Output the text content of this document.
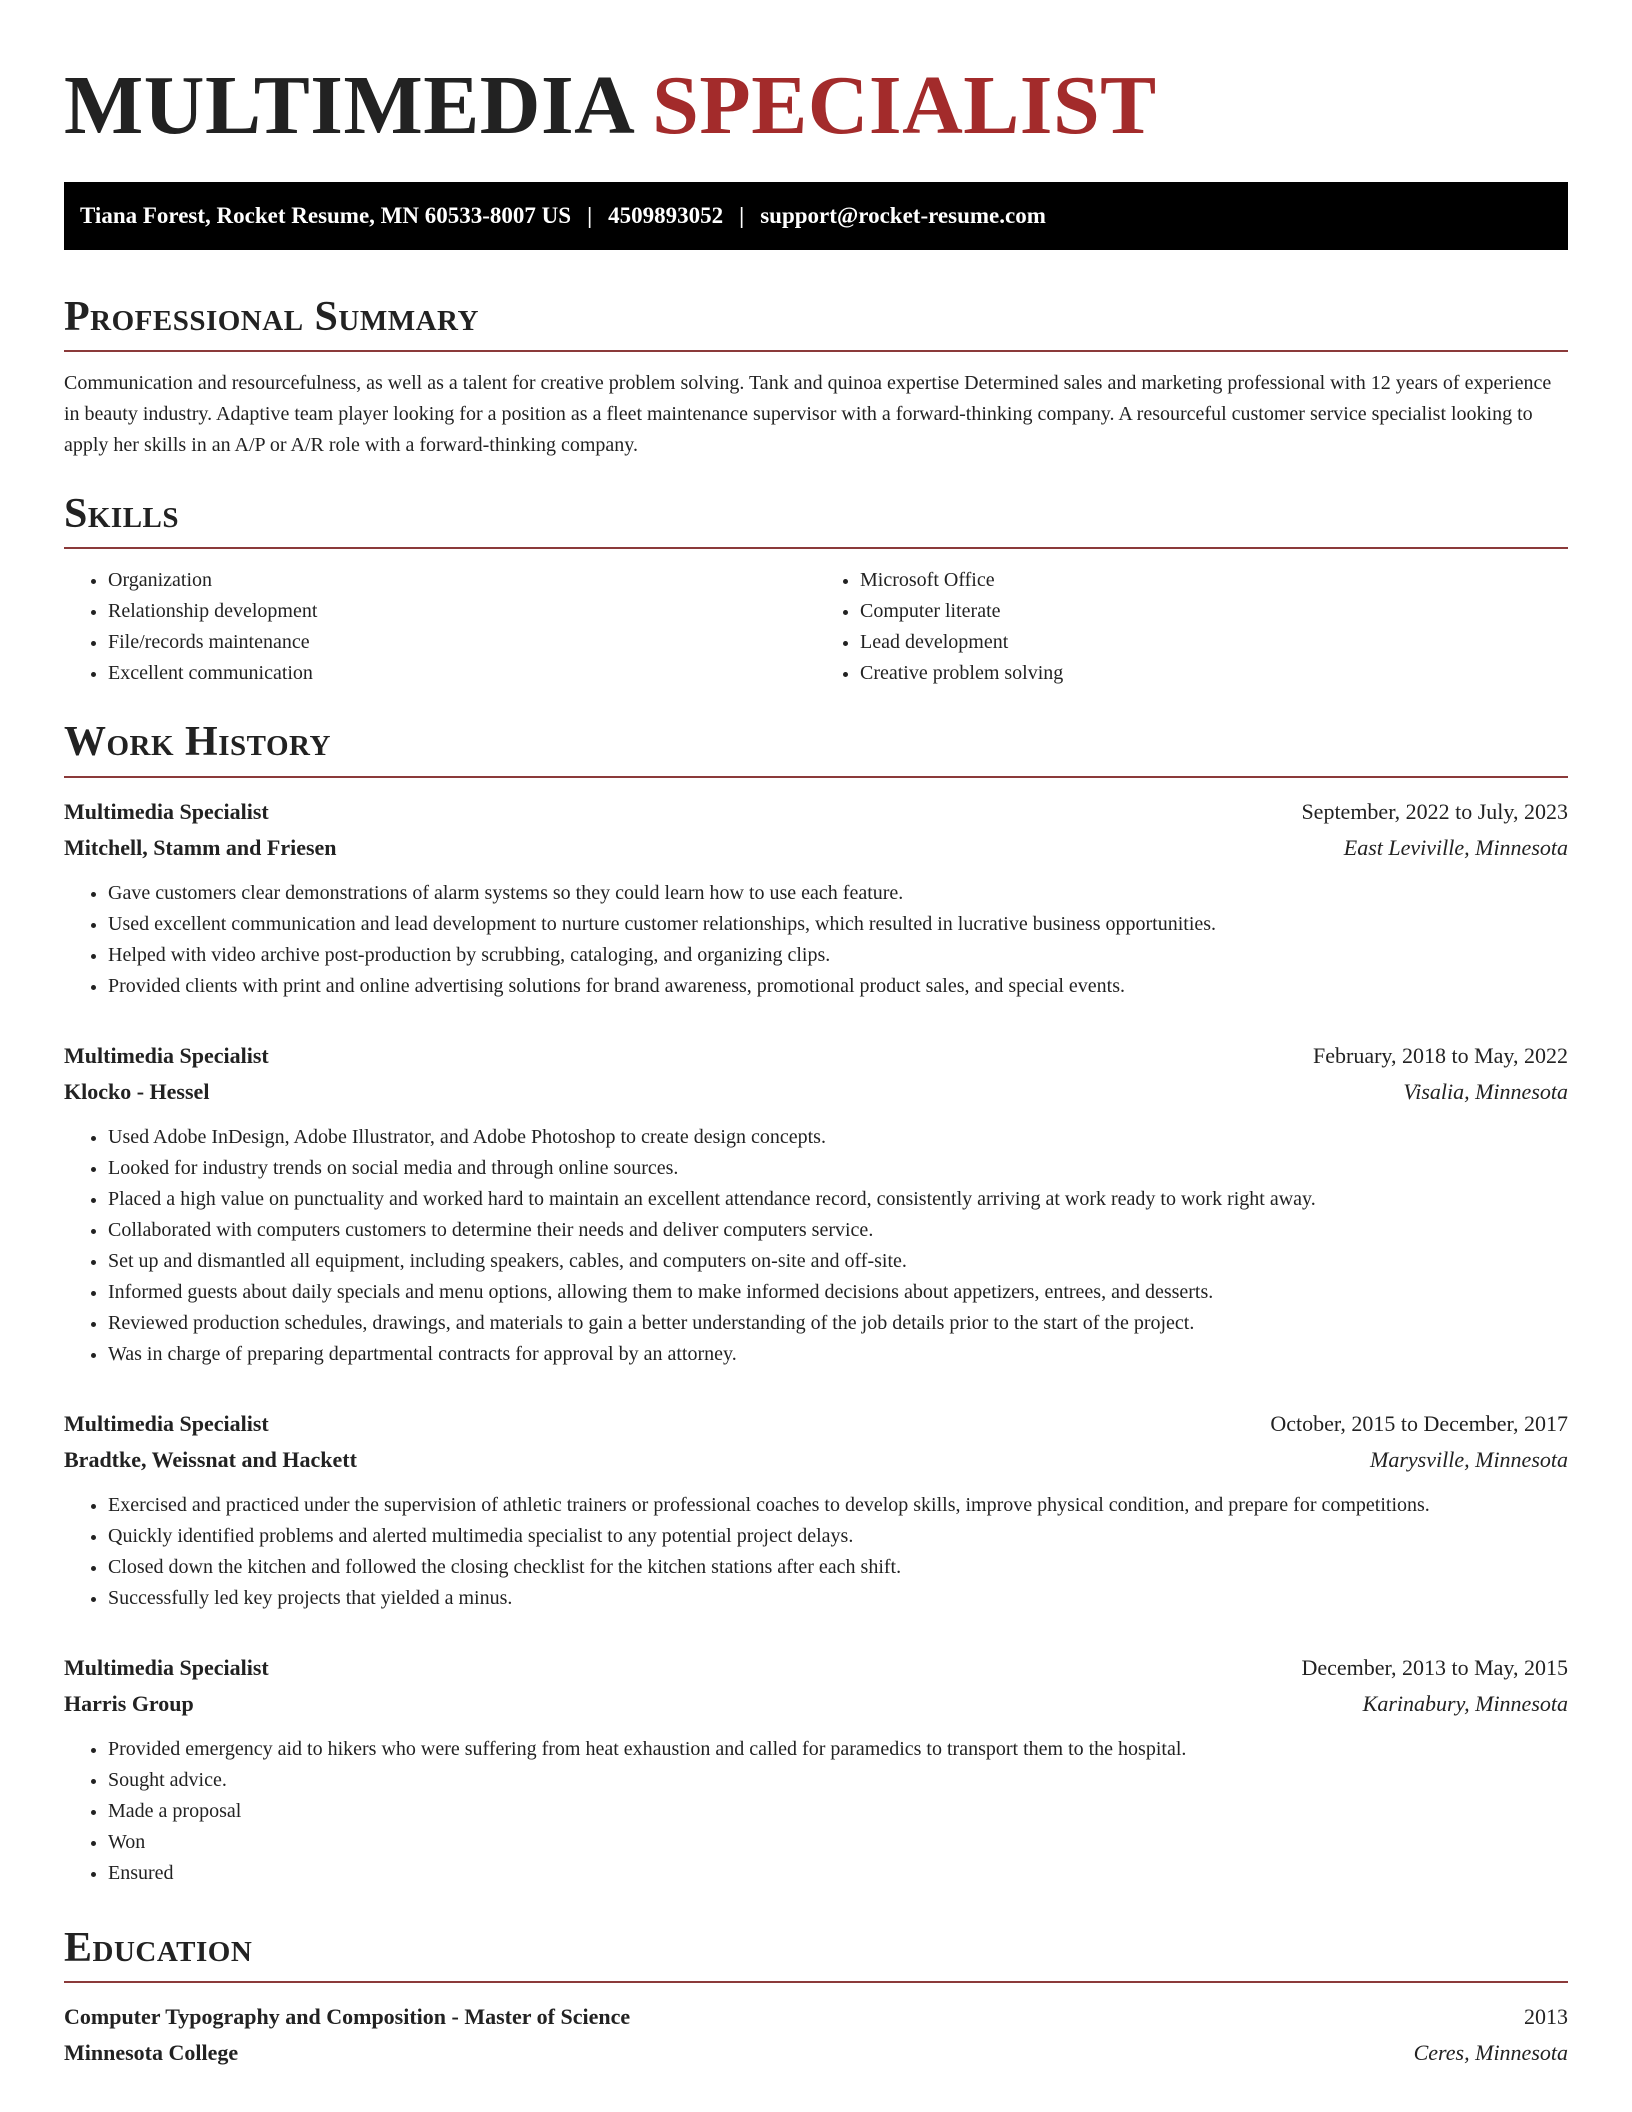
MULTIMEDIA SPECIALIST
Tiana Forest, Rocket Resume, MN 60533-8007 US | 4509893052 | support@rocket-resume.com
Professional Summary

Communication and resourcefulness, as well as a talent for creative problem solving. Tank and quinoa expertise Determined sales and marketing professional with 12 years of experience in beauty industry. Adaptive team player looking for a position as a fleet maintenance supervisor with a forward-thinking company. A resourceful customer service specialist looking to apply her skills in an A/P or A/R role with a forward-thinking company.

Skills
• Organization
• Relationship development
• File/records maintenance
• Excellent communication
• Microsoft Office
• Computer literate
• Lead development
• Creative problem solving
Work History
Multimedia Specialist	September, 2022 to July, 2023
Mitchell, Stamm and Friesen	East Leviville, Minnesota
• Gave customers clear demonstrations of alarm systems so they could learn how to use each feature.
• Used excellent communication and lead development to nurture customer relationships, which resulted in lucrative business opportunities.
• Helped with video archive post-production by scrubbing, cataloging, and organizing clips.
• Provided clients with print and online advertising solutions for brand awareness, promotional product sales, and special events.
Multimedia Specialist	February, 2018 to May, 2022
Klocko - Hessel	Visalia, Minnesota
• Used Adobe InDesign, Adobe Illustrator, and Adobe Photoshop to create design concepts.
• Looked for industry trends on social media and through online sources.
• Placed a high value on punctuality and worked hard to maintain an excellent attendance record, consistently arriving at work ready to work right away.
• Collaborated with computers customers to determine their needs and deliver computers service.
• Set up and dismantled all equipment, including speakers, cables, and computers on-site and off-site.
• Informed guests about daily specials and menu options, allowing them to make informed decisions about appetizers, entrees, and desserts.
• Reviewed production schedules, drawings, and materials to gain a better understanding of the job details prior to the start of the project.
• Was in charge of preparing departmental contracts for approval by an attorney.
Multimedia Specialist	October, 2015 to December, 2017
Bradtke, Weissnat and Hackett	Marysville, Minnesota
• Exercised and practiced under the supervision of athletic trainers or professional coaches to develop skills, improve physical condition, and prepare for competitions.
• Quickly identified problems and alerted multimedia specialist to any potential project delays.
• Closed down the kitchen and followed the closing checklist for the kitchen stations after each shift.
• Successfully led key projects that yielded a minus.
Multimedia Specialist	December, 2013 to May, 2015
Harris Group	Karinabury, Minnesota
• Provided emergency aid to hikers who were suffering from heat exhaustion and called for paramedics to transport them to the hospital.
• Sought advice.
• Made a proposal
• Won
• Ensured
Education
Computer Typography and Composition - Master of Science	2013
Minnesota College	Ceres, Minnesota
